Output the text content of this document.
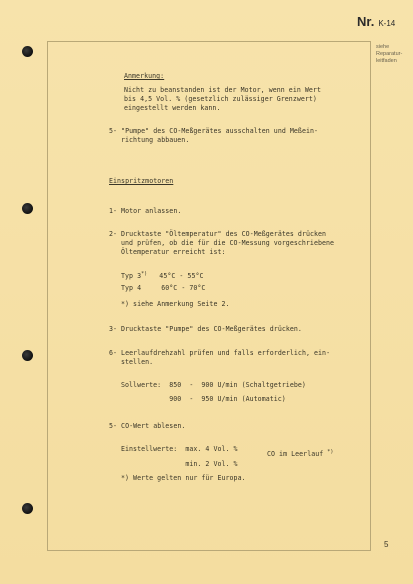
Nr. K-14
siehe
Reparatur-
leitfaden
Anmerkung:
Nicht zu beanstanden ist der Motor, wenn ein Wert
bis 4,5 Vol. % (gesetzlich zulässiger Grenzwert)
eingestellt werden kann.
5- "Pumpe" des CO-Meßgerätes ausschalten und Meßein-
richtung abbauen.
Einspritzmotoren
1- Motor anlassen.
2- Drucktaste "Öltemperatur" des CO-Meßgerätes drücken
und prüfen, ob die für die CO-Messung vorgeschriebene
Öltemperatur erreicht ist:
Typ 3*) 45°C - 55°C
Typ 4	60°C - 70°C
*) siehe Anmerkung Seite 2.
3- Drucktaste "Pumpe" des CO-Meßgerätes drücken.
6- Leerlaufdrehzahl prüfen und falls erforderlich, ein-
stellen.
Sollwerte:  850  -  900 U/min (Schaltgetriebe)
900  -  950 U/min (Automatic)
5- CO-Wert ablesen.
Einstellwerte:  max. 4 Vol. %
min. 2 Vol. %
CO im Leerlauf *)
*) Werte gelten nur für Europa.
5
